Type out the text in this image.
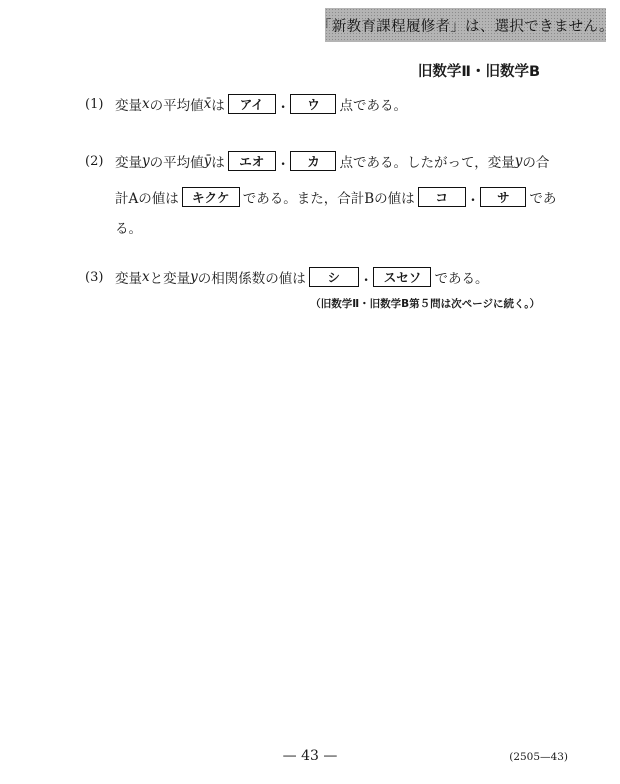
「新教育課程履修者」は、選択できません。
旧数学Ⅱ・旧数学B
(1) 変量 x の平均値 x̄ は	アイ	.	ウ	点である。
(2) 変量 y の平均値 ȳ は	エオ	.	カ	点である。したがって，変量 y の合
計Aの値は	キクケ である。また，合計Bの値は	コ	.	サ	であ
る。
(3) 変量 x と変量 y の相関係数の値は	シ	.	スセソ である。
（旧数学Ⅱ・旧数学B第５問は次ページに続く。）
— 43 —	(2505—43)
